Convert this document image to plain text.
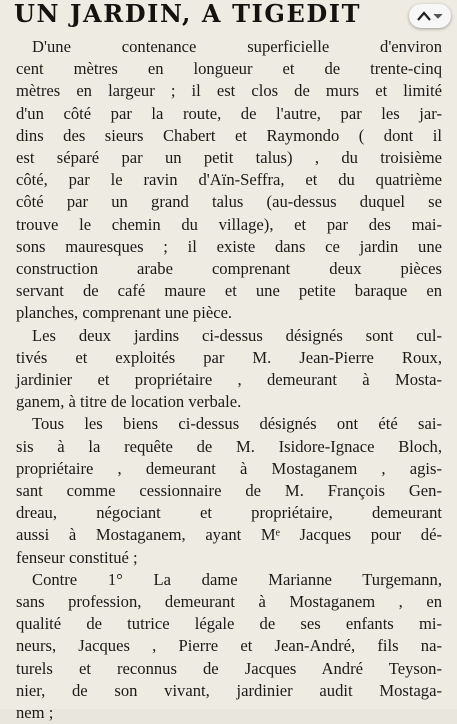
UN JARDIN, A TIGEDIT
D'une contenance superficielle d'environ
cent mètres en longueur et de trente-cinq
mètres en largeur ; il est clos de murs et limité
d'un côté par la route, de l'autre, par les jar-
dins des sieurs Chabert et Raymondo ( dont il
est séparé par un petit talus) , du troisième
côté, par le ravin d'Aïn-Seffra, et du quatrième
côté par un grand talus (au-dessus duquel se
trouve le chemin du village), et par des mai-
sons mauresques ; il existe dans ce jardin une
construction arabe comprenant deux pièces
servant de café maure et une petite baraque en
planches, comprenant une pièce.
Les deux jardins ci-dessus désignés sont cul-
tivés et exploités par M. Jean-Pierre Roux,
jardinier et propriétaire , demeurant à Mosta-
ganem, à titre de location verbale.
Tous les biens ci-dessus désignés ont été sai-
sis à la requête de M. Isidore-Ignace Bloch,
propriétaire , demeurant à Mostaganem , agis-
sant comme cessionnaire de M. François Gen-
dreau, négociant et propriétaire, demeurant
aussi à Mostaganem, ayant Mᵉ Jacques pour dé-
fenseur constitué ;
Contre 1° La dame Marianne Turgemann,
sans profession, demeurant à Mostaganem , en
qualité de tutrice légale de ses enfants mi-
neurs, Jacques , Pierre et Jean-André, fils na-
turels et reconnus de Jacques André Teyson-
nier, de son vivant, jardinier audit Mostaga-
nem ;
